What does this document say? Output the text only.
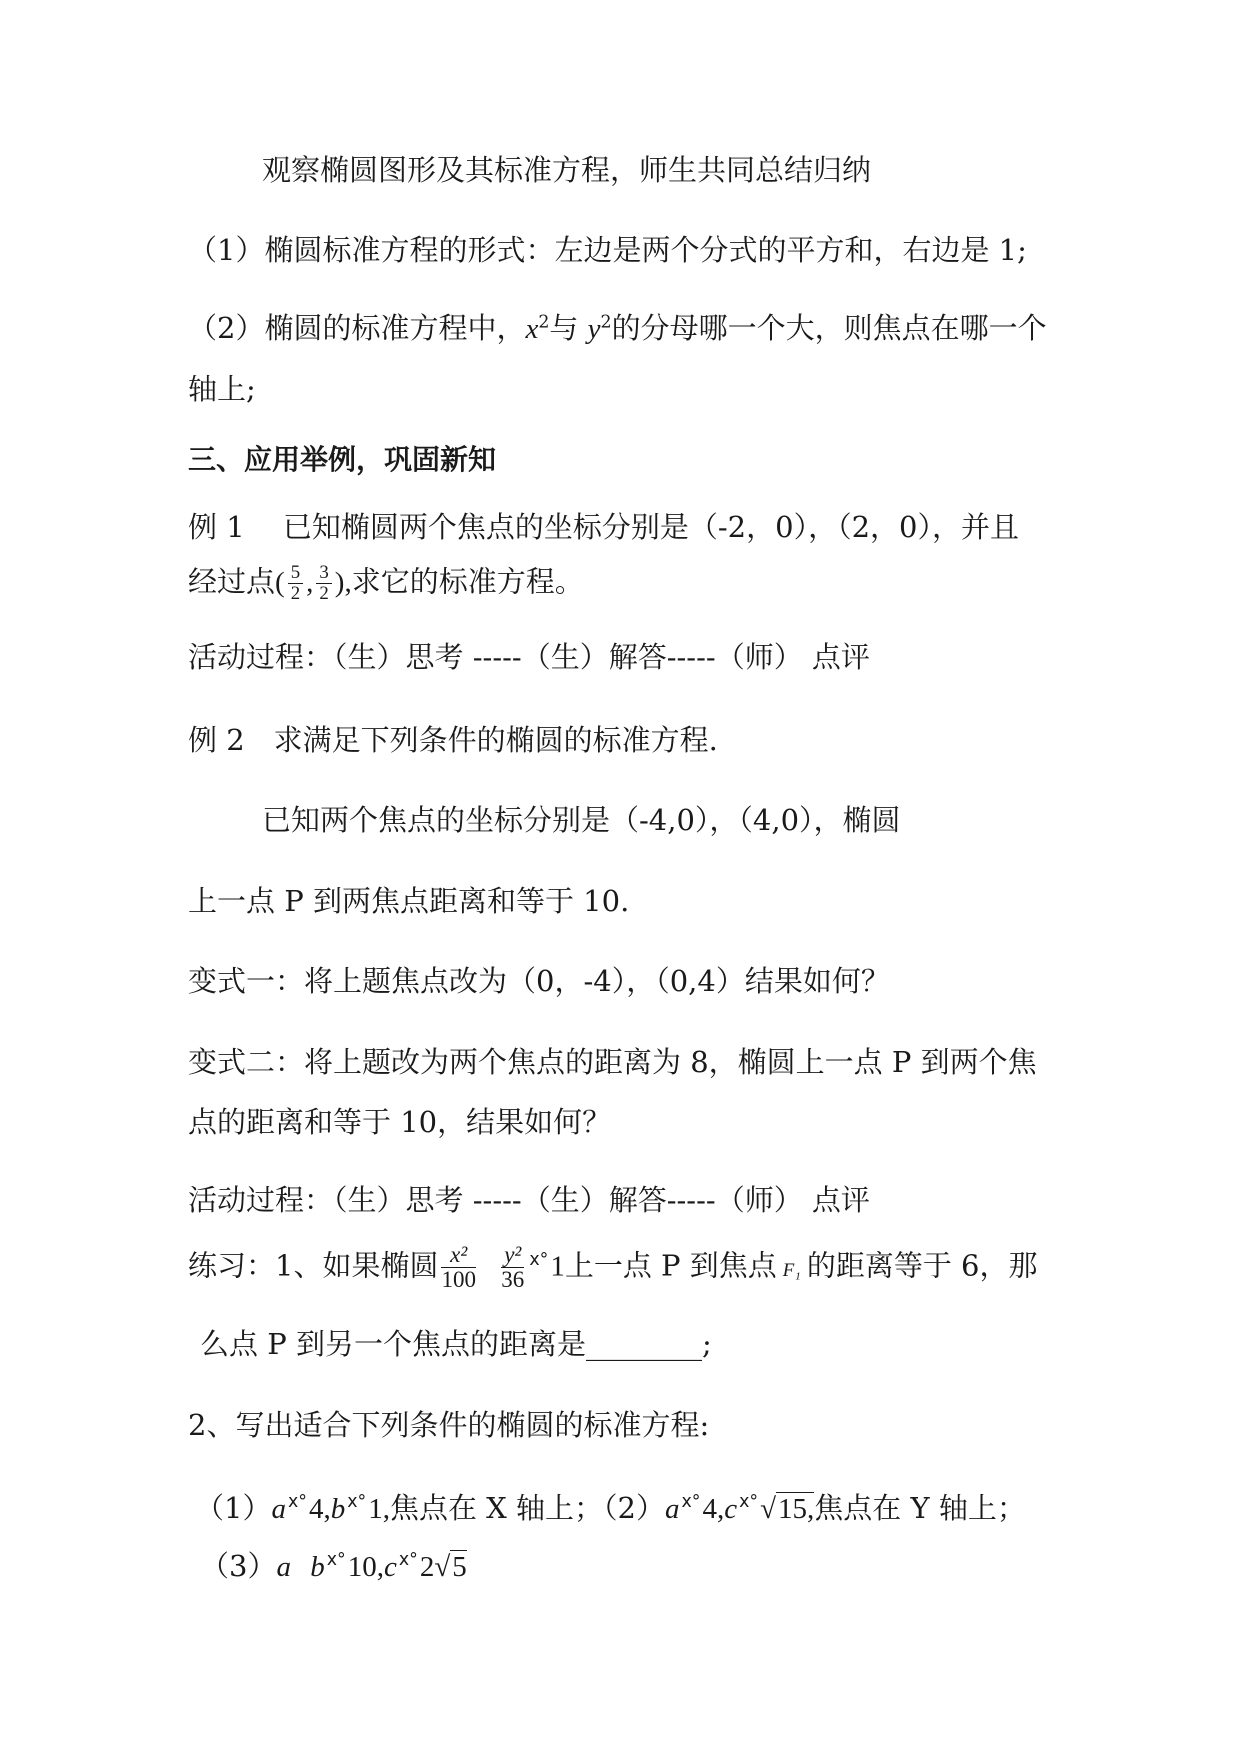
观察椭圆图形及其标准方程，师生共同总结归纳
（1）椭圆标准方程的形式：左边是两个分式的平方和，右边是 1;
（2）椭圆的标准方程中，$x^2$与 $y^2$的分母哪一个大，则焦点在哪一个
轴上;
三、应用举例，巩固新知
例 1　 已知椭圆两个焦点的坐标分别是（-2，0），（2，0），并且
经过点( $\frac{5}{2}$ , $\frac{3}{2}$ ),求它的标准方程。
活动过程：（生）思考 -----（生）解答-----（师） 点评
例 2　求满足下列条件的椭圆的标准方程.
已知两个焦点的坐标分别是（-4,0），（4,0），椭圆
上一点 P 到两焦点距离和等于 10.
变式一：将上题焦点改为（0，-4），（0,4）结果如何？
变式二：将上题改为两个焦点的距离为 8，椭圆上一点 P 到两个焦
点的距离和等于 10，结果如何？
活动过程：（生）思考 -----（生）解答-----（师） 点评
练习：1、如果椭圆 $\frac{\text{x²}}{100}$
$\frac{\text{y²}}{36} ^{x^\circ}1$上一点 P 到焦点 F₁ 的距离等于 6，那
么点 P 到另一个焦点的距离是________;
2、写出适合下列条件的椭圆的标准方程:
（1）a $^{x^\circ}$4,b $^{x^\circ}$1,焦点在 X 轴上；（2）a $^{x^\circ}$4,c $^{x^\circ}$√15,焦点在 Y 轴上；
（3）a b $^{x^\circ}$10,c $^{x^\circ}$2√5
